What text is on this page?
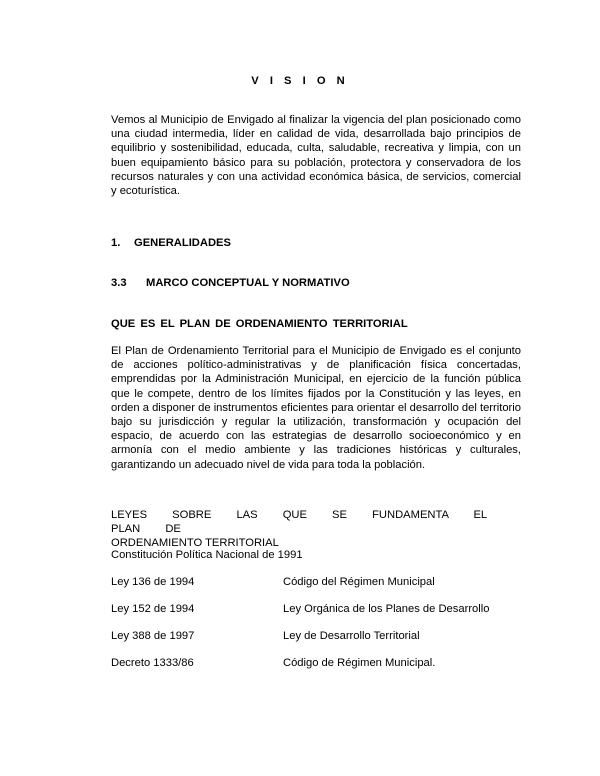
V I S I O N
Vemos al Municipio de Envigado al finalizar la vigencia del plan posicionado como una ciudad intermedia, líder en calidad de vida, desarrollada bajo principios de equilibrio y sostenibilidad, educada, culta, saludable, recreativa y limpia, con un buen equipamiento básico para su población, protectora y conservadora de los recursos naturales y con una actividad económica básica, de servicios, comercial y ecoturística.
1. GENERALIDADES
3.3 MARCO CONCEPTUAL Y NORMATIVO
QUE ES EL PLAN DE ORDENAMIENTO TERRITORIAL
El Plan de Ordenamiento Territorial para el Municipio de Envigado es el conjunto de acciones político-administrativas y de planificación física concertadas, emprendidas por la Administración Municipal, en ejercicio de la función pública que le compete, dentro de los límites fijados por la Constitución y las leyes, en orden a disponer de instrumentos eficientes para orientar el desarrollo del territorio bajo su jurisdicción y regular la utilización, transformación y ocupación del espacio, de acuerdo con las estrategias de desarrollo socioeconómico y en armonía con el medio ambiente y las tradiciones históricas y culturales, garantizando un adecuado nivel de vida para toda la población.
LEYES SOBRE LAS QUE SE FUNDAMENTA EL PLAN DE
ORDENAMIENTO TERRITORIAL
Constitución Política Nacional de 1991
Ley 136 de 1994	Código del Régimen Municipal
Ley 152 de 1994	Ley Orgánica de los Planes de Desarrollo
Ley 388 de 1997	Ley de Desarrollo Territorial
Decreto 1333/86	Código de Régimen Municipal.
